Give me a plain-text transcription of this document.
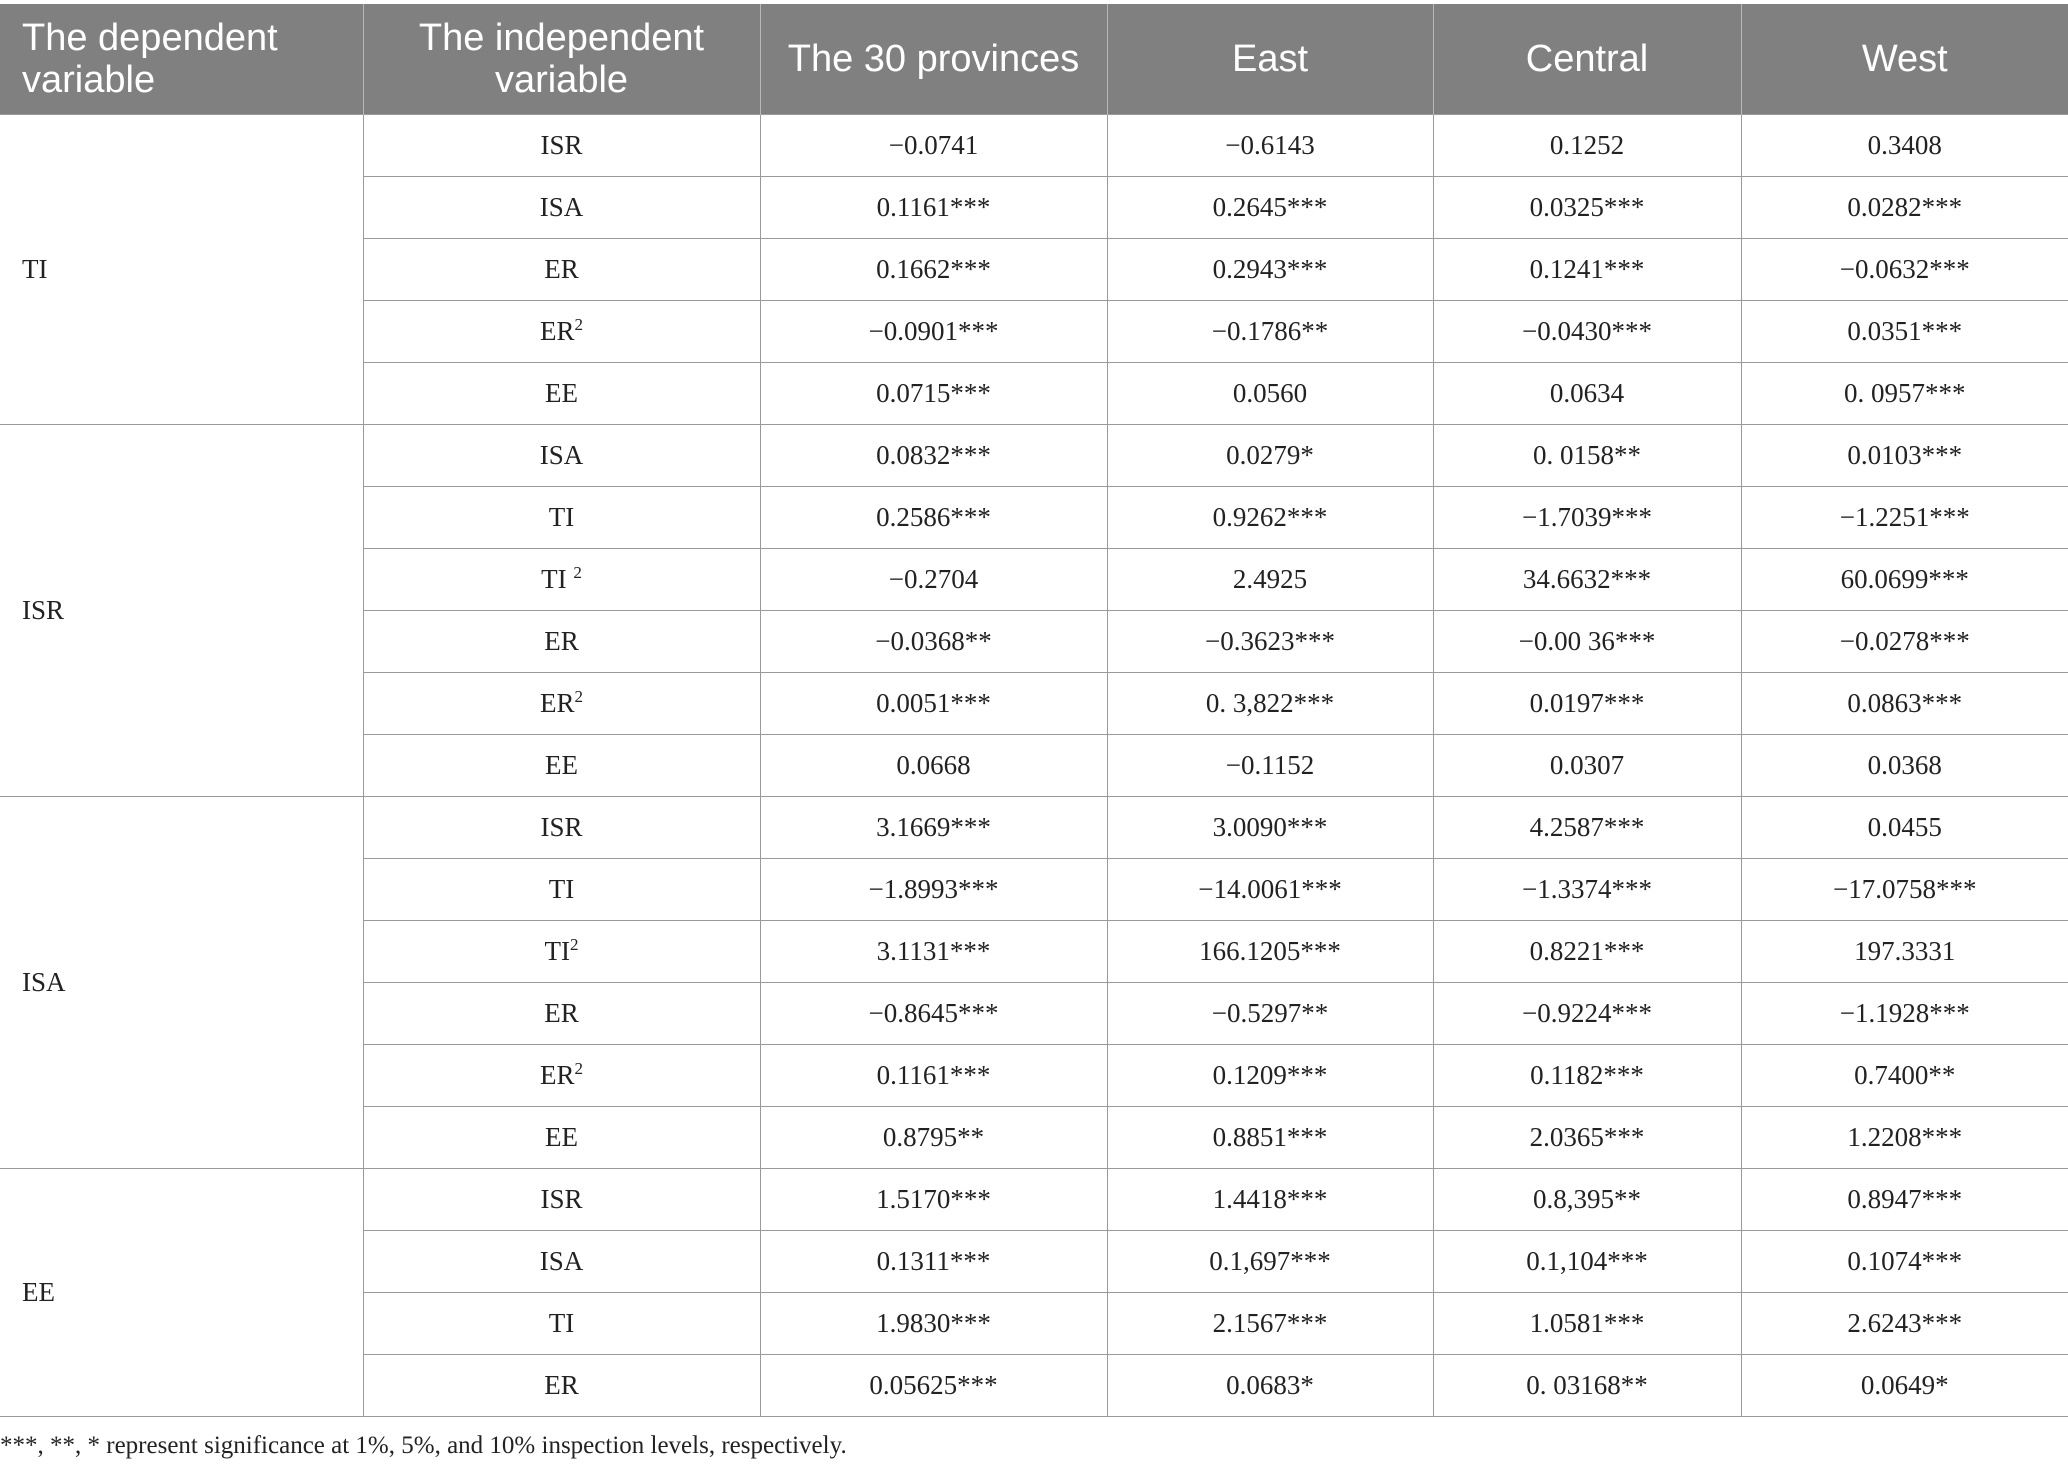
The dependent variable	The independent variable	The 30 provinces	East	Central	West
TI	ISR	−0.0741	−0.6143	0.1252	0.3408
	ISA	0.1161***	0.2645***	0.0325***	0.0282***
	ER	0.1662***	0.2943***	0.1241***	−0.0632***
	$ER^2$	−0.0901***	−0.1786**	−0.0430***	0.0351***
	EE	0.0715***	0.0560	0.0634	0. 0957***
ISR	ISA	0.0832***	0.0279*	0. 0158**	0.0103***
	TI	0.2586***	0.9262***	−1.7039***	−1.2251***
	TI $^2$	−0.2704	2.4925	34.6632***	60.0699***
	ER	−0.0368**	−0.3623***	−0.00 36***	−0.0278***
	$ER^2$	0.0051***	0. 3,822***	0.0197***	0.0863***
	EE	0.0668	−0.1152	0.0307	0.0368
ISA	ISR	3.1669***	3.0090***	4.2587***	0.0455
	TI	−1.8993***	−14.0061***	−1.3374***	−17.0758***
	$TI^2$	3.1131***	166.1205***	0.8221***	197.3331
	ER	−0.8645***	−0.5297**	−0.9224***	−1.1928***
	$ER^2$	0.1161***	0.1209***	0.1182***	0.7400**
	EE	0.8795**	0.8851***	2.0365***	1.2208***
EE	ISR	1.5170***	1.4418***	0.8,395**	0.8947***
	ISA	0.1311***	0.1,697***	0.1,104***	0.1074***
	TI	1.9830***	2.1567***	1.0581***	2.6243***
	ER	0.05625***	0.0683*	0. 03168**	0.0649*
***, **, * represent significance at 1%, 5%, and 10% inspection levels, respectively.
